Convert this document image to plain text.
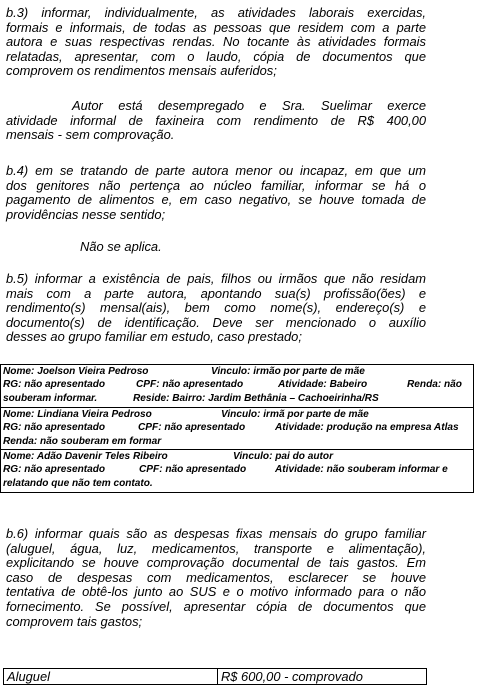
b.3) informar, individualmente, as atividades laborais exercidas,
formais e informais, de todas as pessoas que residem com a parte
autora e suas respectivas rendas. No tocante às atividades formais
relatadas, apresentar, com o laudo, cópia de documentos que
comprovem os rendimentos mensais auferidos;
Autor está desempregado e Sra. Suelimar exerce
atividade informal de faxineira com rendimento de R$ 400,00
mensais - sem comprovação.
b.4) em se tratando de parte autora menor ou incapaz, em que um
dos genitores não pertença ao núcleo familiar, informar se há o
pagamento de alimentos e, em caso negativo, se houve tomada de
providências nesse sentido;
Não se aplica.
b.5) informar a existência de pais, filhos ou irmãos que não residam
mais com a parte autora, apontando sua(s) profissão(ões) e
rendimento(s) mensal(ais), bem como nome(s), endereço(s) e
documento(s) de identificação. Deve ser mencionado o auxílio
desses ao grupo familiar em estudo, caso prestado;
Nome: Joelson Vieira Pedroso	Vinculo: irmão por parte de mãe
RG: não apresentado	CPF: não apresentado	Atividade: Babeiro	Renda: não
souberam informar.	Reside: Bairro: Jardim Bethânia – Cachoeirinha/RS
Nome: Lindiana Vieira Pedroso	Vinculo: irmã por parte de mãe
RG: não apresentado	CPF: não apresentado	Atividade: produção na empresa Atlas
Renda: não souberam em formar
Nome: Adão Davenir Teles Ribeiro	Vinculo: pai do autor
RG: não apresentado	CPF: não apresentado	Atividade: não souberam informar e
relatando que não tem contato.
b.6) informar quais são as despesas fixas mensais do grupo familiar
(aluguel, água, luz, medicamentos, transporte e alimentação),
explicitando se houve comprovação documental de tais gastos. Em
caso de despesas com medicamentos, esclarecer se houve
tentativa de obtê-los junto ao SUS e o motivo informado para o não
fornecimento. Se possível, apresentar cópia de documentos que
comprovem tais gastos;
Aluguel	R$ 600,00 - comprovado
